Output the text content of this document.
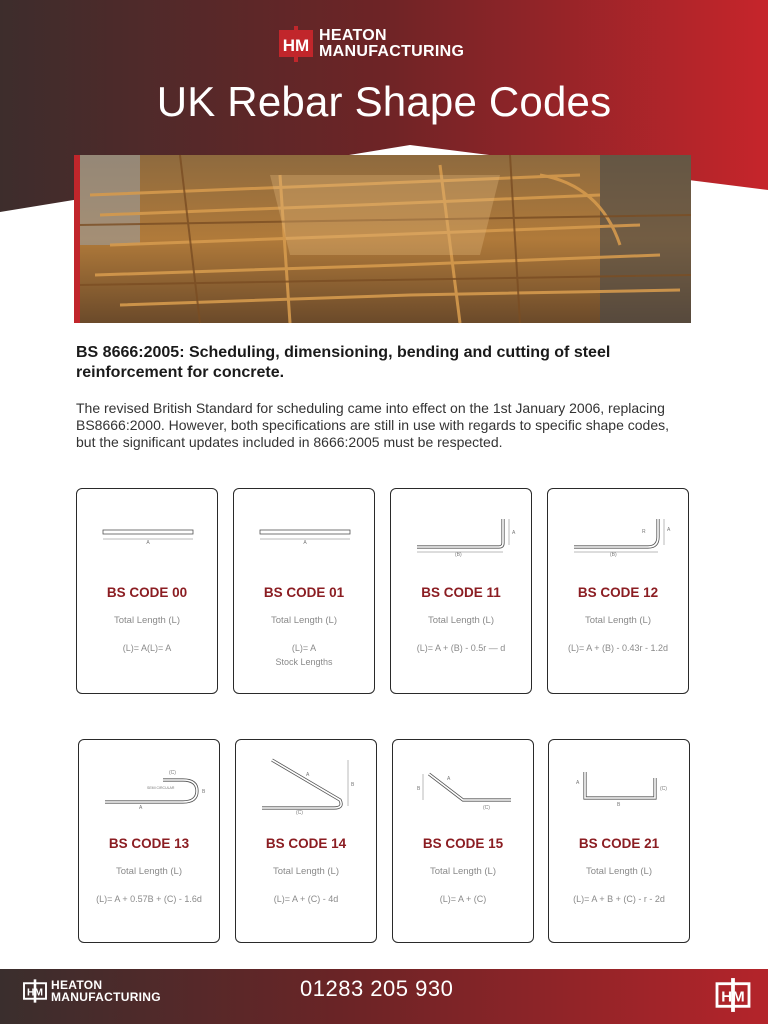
HM
HEATON
MANUFACTURING
UK Rebar Shape Codes

BS 8666:2005: Scheduling, dimensioning, bending and cutting of steel reinforcement for concrete.

The revised British Standard for scheduling came into effect on the 1st January 2006, replacing BS8666:2000. However, both specifications are still in use with regards to specific shape codes, but the significant updates included in 8666:2005 must be respected.

A
BS CODE 00
Total Length (L)
(L)= A(L)= A
A
BS CODE 01
Total Length (L)
(L)= A
Stock Lengths
A
(B)
BS CODE 11
Total Length (L)
(L)= A + (B) - 0.5r — d
A
R
(B)
BS CODE 12
Total Length (L)
(L)= A + (B) - 0.43r - 1.2d
(C)
B
A
SEMI CIRCULAR
BS CODE 13
Total Length (L)
(L)= A + 0.57B + (C) - 1.6d
A
B
(C)
BS CODE 14
Total Length (L)
(L)= A + (C) - 4d
A
B
(C)
BS CODE 15
Total Length (L)
(L)= A + (C)
A
B
(C)
BS CODE 21
Total Length (L)
(L)= A + B + (C) - r - 2d
HM
HEATON
MANUFACTURING	01283 205 930	HM
